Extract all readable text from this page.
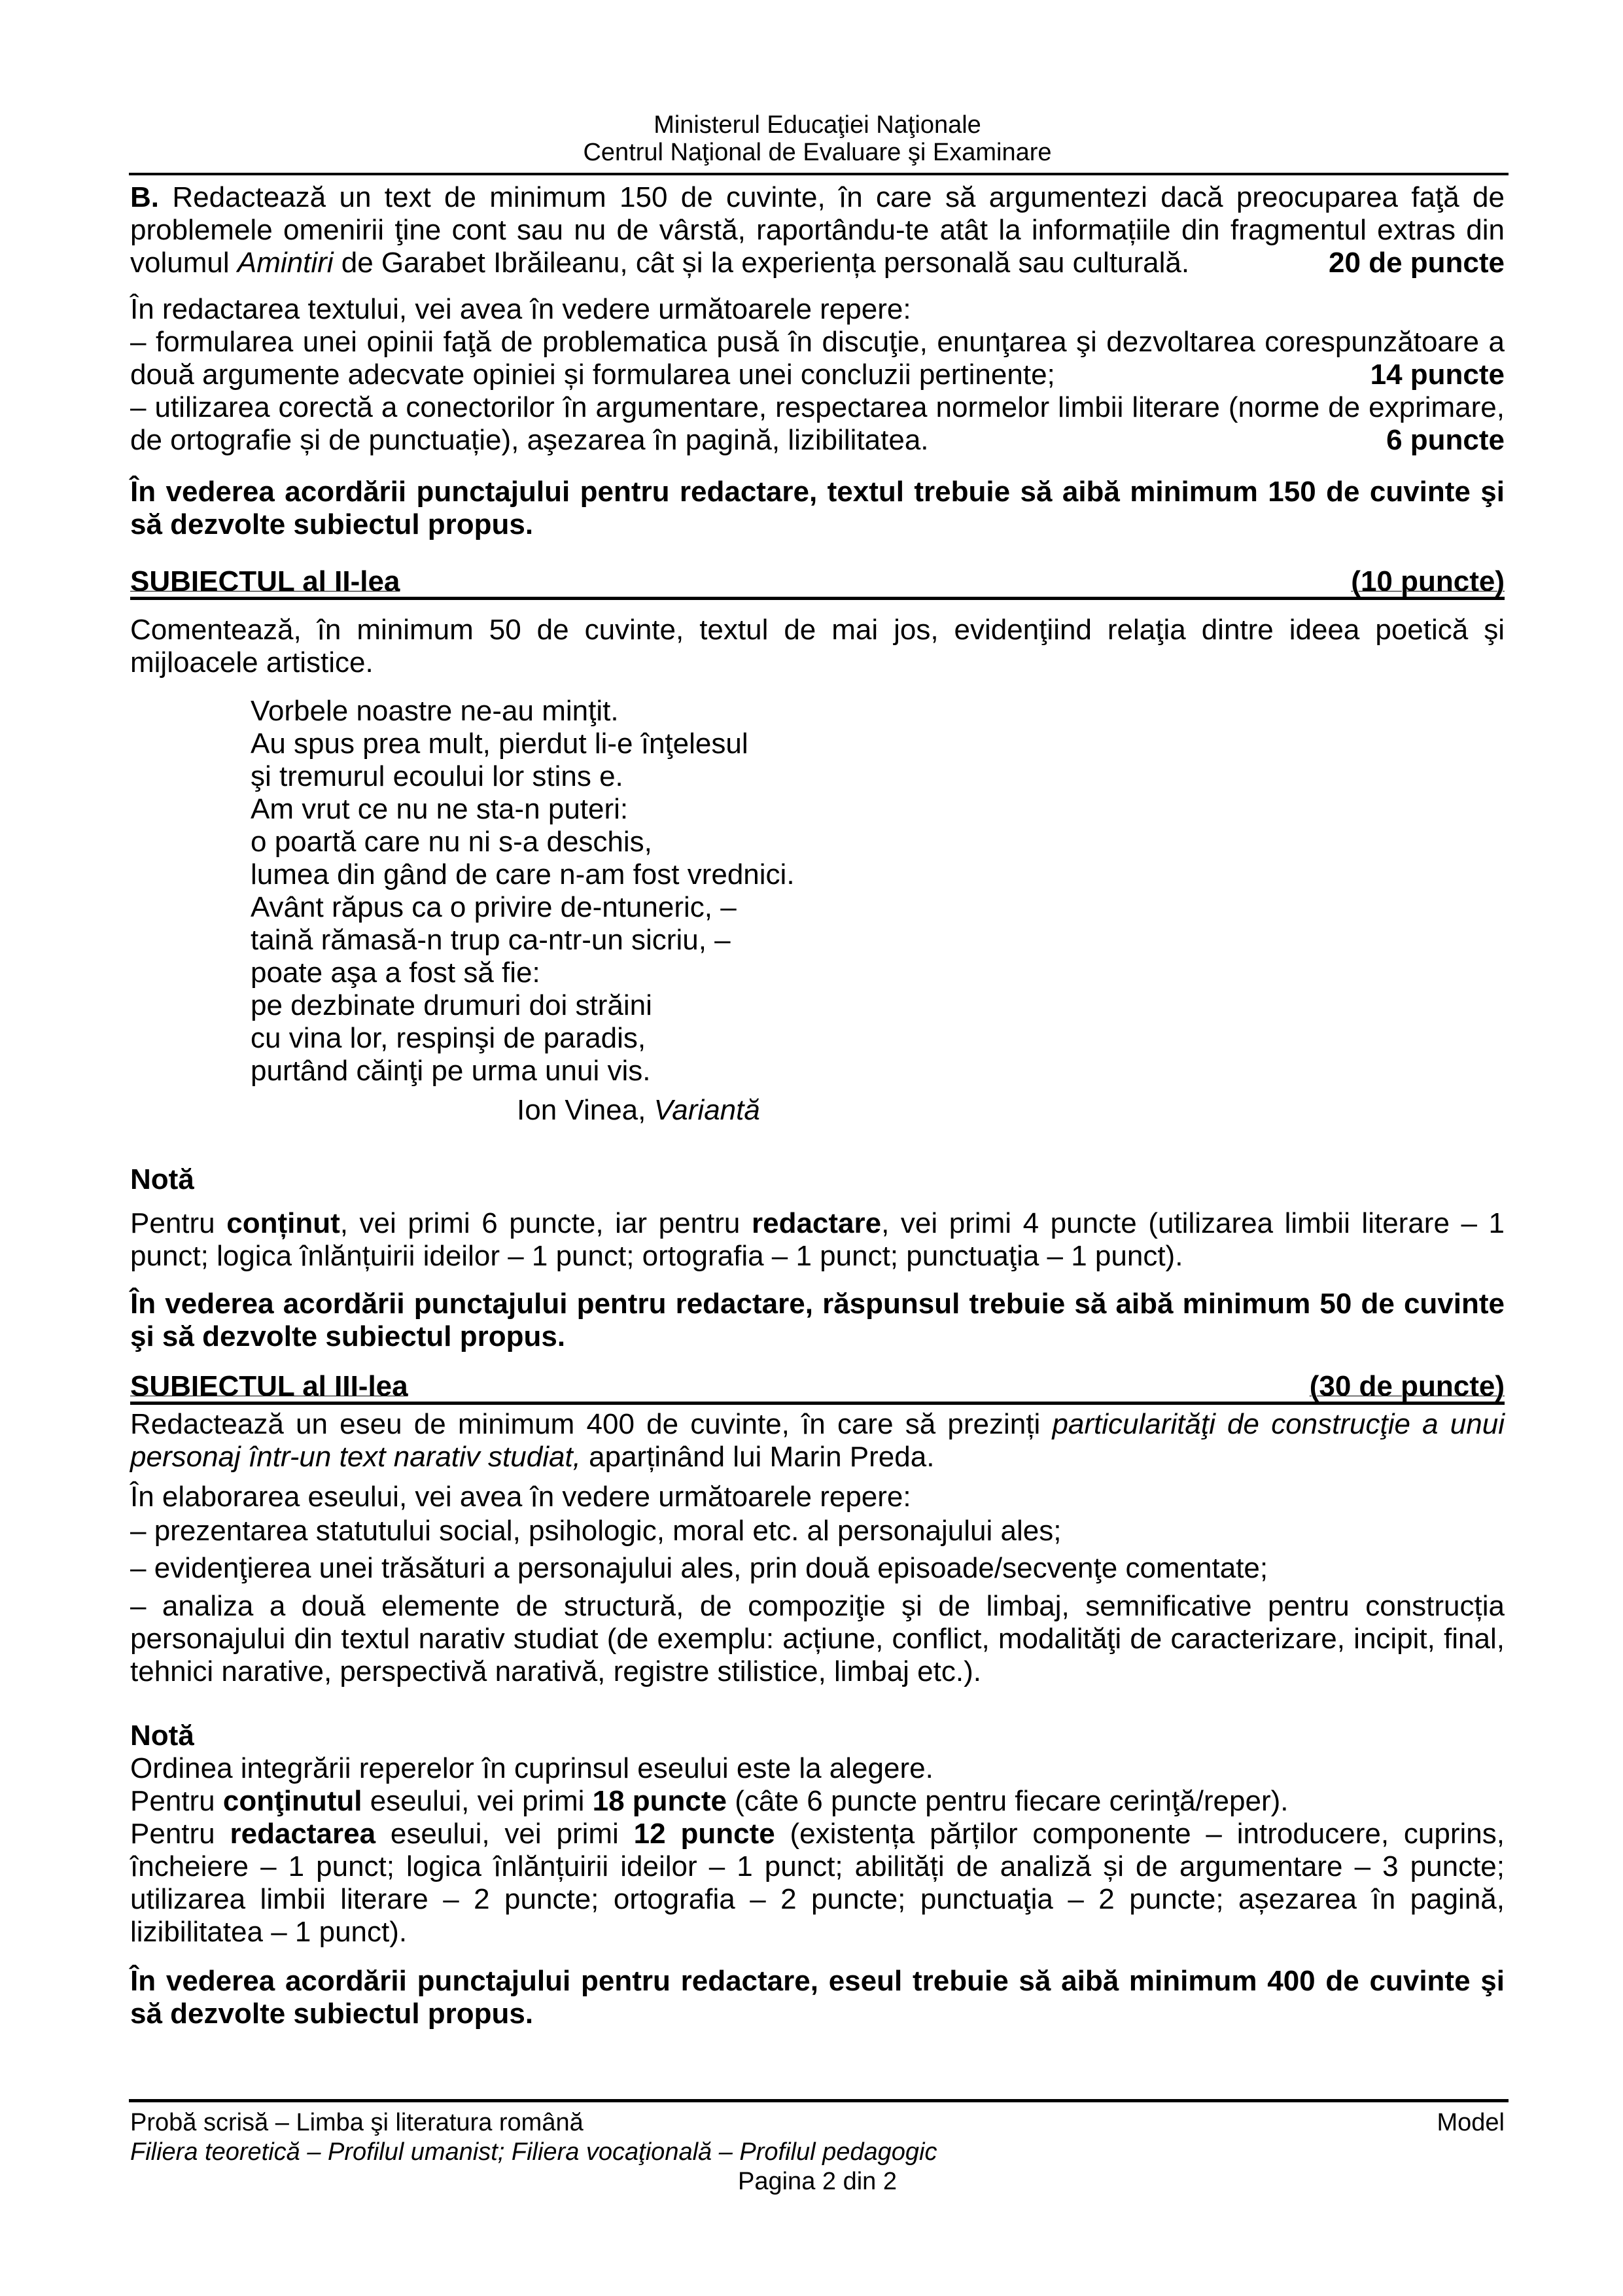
Ministerul Educaţiei Naţionale
Centrul Naţional de Evaluare şi Examinare
B. Redactează un text de minimum 150 de cuvinte, în care să argumentezi dacă preocuparea faţă de problemele omenirii ţine cont sau nu de vârstă, raportându-te atât la informațiile din fragmentul extras din volumul Amintiri de Garabet Ibrăileanu, cât și la experiența personală sau culturală.	20 de puncte
În redactarea textului, vei avea în vedere următoarele repere:
– formularea unei opinii faţă de problematica pusă în discuţie, enunţarea şi dezvoltarea corespunzătoare a două argumente adecvate opiniei și formularea unei concluzii pertinente;	14 puncte
– utilizarea corectă a conectorilor în argumentare, respectarea normelor limbii literare (norme de exprimare, de ortografie și de punctuație), aşezarea în pagină, lizibilitatea.	6 puncte
În vederea acordării punctajului pentru redactare, textul trebuie să aibă minimum 150 de cuvinte şi să dezvolte subiectul propus.
SUBIECTUL al II-lea	(10 puncte)
Comentează, în minimum 50 de cuvinte, textul de mai jos, evidenţiind relaţia dintre ideea poetică şi mijloacele artistice.
Vorbele noastre ne-au minţit.
Au spus prea mult, pierdut li-e înţelesul
şi tremurul ecoului lor stins e.
Am vrut ce nu ne sta-n puteri:
o poartă care nu ni s-a deschis,
lumea din gând de care n-am fost vrednici.
Avânt răpus ca o privire de-ntuneric, –
taină rămasă-n trup ca-ntr-un sicriu, –
poate aşa a fost să fie:
pe dezbinate drumuri doi străini
cu vina lor, respinşi de paradis,
purtând căinţi pe urma unui vis.
Ion Vinea, Variantă
Notă
Pentru conținut, vei primi 6 puncte, iar pentru redactare, vei primi 4 puncte (utilizarea limbii literare – 1 punct; logica înlănțuirii ideilor – 1 punct; ortografia – 1 punct; punctuaţia – 1 punct).
În vederea acordării punctajului pentru redactare, răspunsul trebuie să aibă minimum 50 de cuvinte şi să dezvolte subiectul propus.
SUBIECTUL al III-lea	(30 de puncte)
Redactează un eseu de minimum 400 de cuvinte, în care să prezinți particularităţi de construcţie a unui personaj într-un text narativ studiat, aparținând lui Marin Preda.
În elaborarea eseului, vei avea în vedere următoarele repere:
– prezentarea statutului social, psihologic, moral etc. al personajului ales;
– evidenţierea unei trăsături a personajului ales, prin două episoade/secvenţe comentate;
– analiza a două elemente de structură, de compoziţie şi de limbaj, semnificative pentru construcția personajului din textul narativ studiat (de exemplu: acțiune, conflict, modalităţi de caracterizare, incipit, final, tehnici narative, perspectivă narativă, registre stilistice, limbaj etc.).
Notă
Ordinea integrării reperelor în cuprinsul eseului este la alegere.
Pentru conţinutul eseului, vei primi 18 puncte (câte 6 puncte pentru fiecare cerinţă/reper).
Pentru redactarea eseului, vei primi 12 puncte (existența părților componente – introducere, cuprins, încheiere – 1 punct; logica înlănțuirii ideilor – 1 punct; abilități de analiză și de argumentare – 3 puncte; utilizarea limbii literare – 2 puncte; ortografia – 2 puncte; punctuaţia – 2 puncte; așezarea în pagină, lizibilitatea – 1 punct).
În vederea acordării punctajului pentru redactare, eseul trebuie să aibă minimum 400 de cuvinte şi să dezvolte subiectul propus.
Probă scrisă – Limba şi literatura română	Model
Filiera teoretică – Profilul umanist; Filiera vocaţională – Profilul pedagogic
Pagina 2 din 2
